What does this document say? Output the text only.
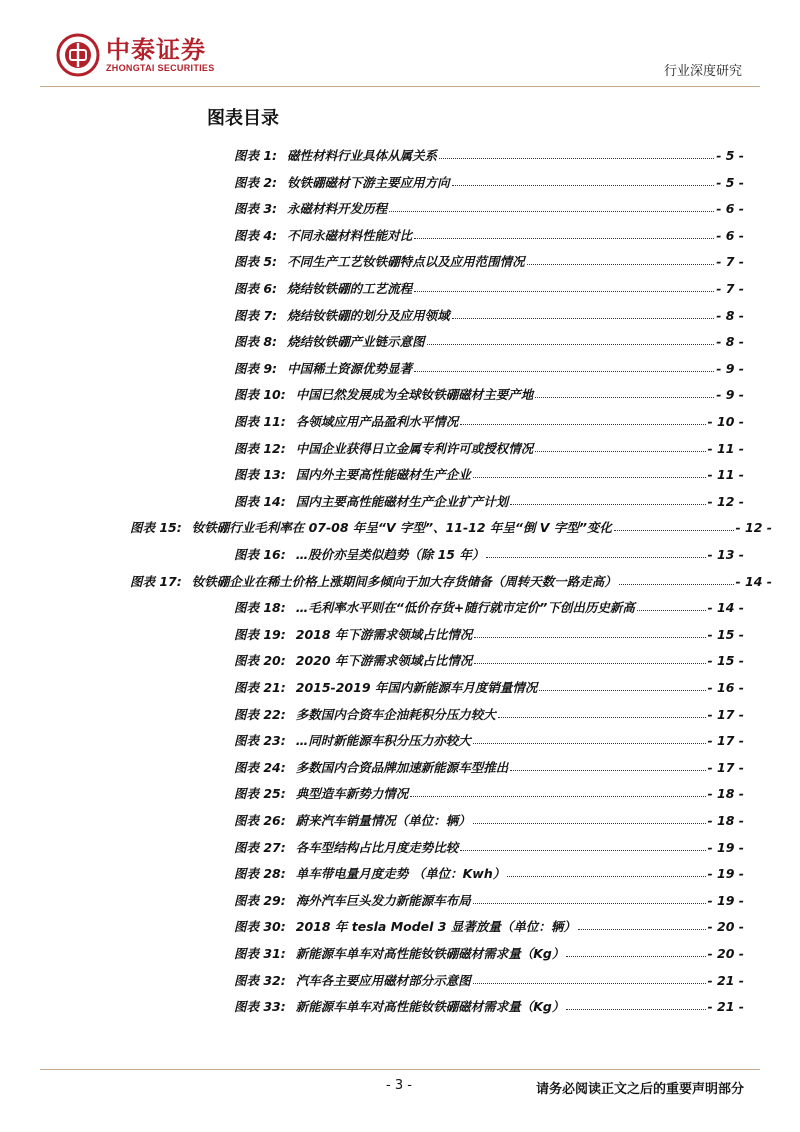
中泰证券
ZHONGTAI SECURITIES	行业深度研究
图表目录
图表 1: 磁性材料行业具体从属关系	- 5 -
图表 2: 钕铁硼磁材下游主要应用方向	- 5 -
图表 3: 永磁材料开发历程	- 6 -
图表 4: 不同永磁材料性能对比	- 6 -
图表 5: 不同生产工艺钕铁硼特点以及应用范围情况	- 7 -
图表 6: 烧结钕铁硼的工艺流程	- 7 -
图表 7: 烧结钕铁硼的划分及应用领域	- 8 -
图表 8: 烧结钕铁硼产业链示意图	- 8 -
图表 9: 中国稀土资源优势显著	- 9 -
图表 10: 中国已然发展成为全球钕铁硼磁材主要产地	- 9 -
图表 11: 各领域应用产品盈利水平情况	- 10 -
图表 12: 中国企业获得日立金属专利许可或授权情况	- 11 -
图表 13: 国内外主要高性能磁材生产企业	- 11 -
图表 14: 国内主要高性能磁材生产企业扩产计划	- 12 -
图表 15: 钕铁硼行业毛利率在 07-08 年呈“V 字型”、11-12 年呈“倒 V 字型”变化	- 12 -
图表 16: …股价亦呈类似趋势（除 15 年）	- 13 -
图表 17: 钕铁硼企业在稀土价格上涨期间多倾向于加大存货储备（周转天数一路走高）	- 14 -
图表 18: …毛利率水平则在“低价存货+随行就市定价”下创出历史新高	- 14 -
图表 19: 2018 年下游需求领域占比情况	- 15 -
图表 20: 2020 年下游需求领域占比情况	- 15 -
图表 21: 2015-2019 年国内新能源车月度销量情况	- 16 -
图表 22: 多数国内合资车企油耗积分压力较大	- 17 -
图表 23: …同时新能源车积分压力亦较大	- 17 -
图表 24: 多数国内合资品牌加速新能源车型推出	- 17 -
图表 25: 典型造车新势力情况	- 18 -
图表 26: 蔚来汽车销量情况（单位：辆）	- 18 -
图表 27: 各车型结构占比月度走势比较	- 19 -
图表 28: 单车带电量月度走势 （单位：Kwh）	- 19 -
图表 29: 海外汽车巨头发力新能源车布局	- 19 -
图表 30: 2018 年 tesla Model 3 显著放量（单位：辆）	- 20 -
图表 31: 新能源车单车对高性能钕铁硼磁材需求量（Kg）	- 20 -
图表 32: 汽车各主要应用磁材部分示意图	- 21 -
图表 33: 新能源车单车对高性能钕铁硼磁材需求量（Kg）	- 21 -
- 3 -	请务必阅读正文之后的重要声明部分
